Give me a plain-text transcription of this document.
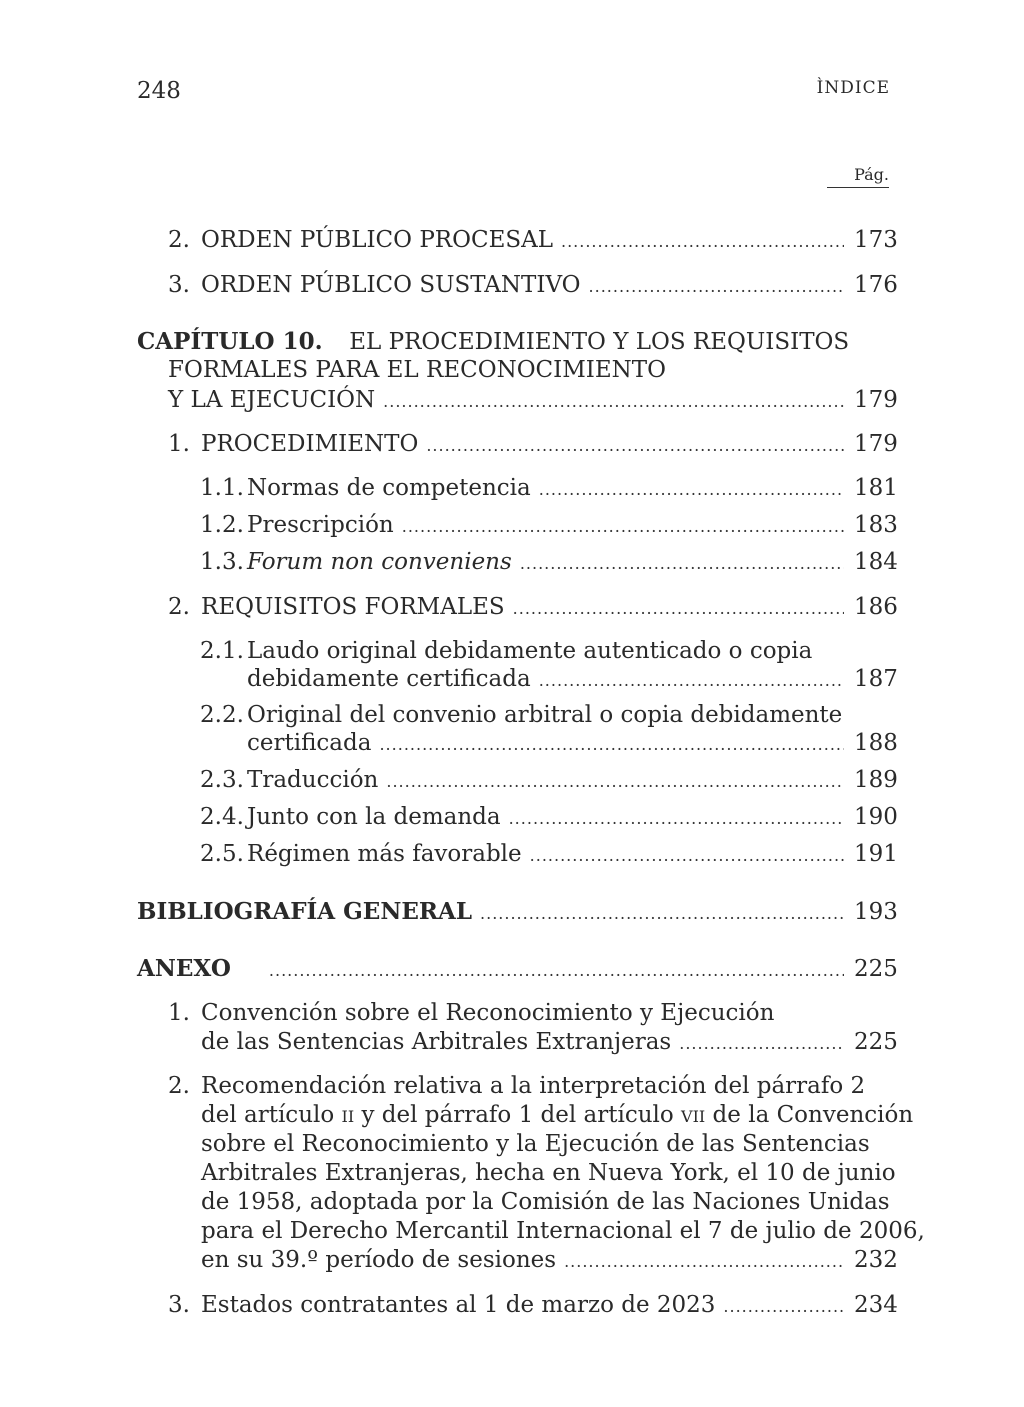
248	ÌNDICE
Pág.
2. ORDEN PÚBLICO PROCESAL .....	173
3. ORDEN PÚBLICO SUSTANTIVO .....	176
CAPÍTULO 10. EL PROCEDIMIENTO Y LOS REQUISITOS
FORMALES PARA EL RECONOCIMIENTO
Y LA EJECUCIÓN .....	179
1. PROCEDIMIENTO .....	179
1.1. Normas de competencia .....	181
1.2. Prescripción .....	183
1.3. Forum non conveniens .....	184
2. REQUISITOS FORMALES .....	186
2.1. Laudo original debidamente autenticado o copia
debidamente certificada .....	187
2.2. Original del convenio arbitral o copia debidamente
certificada .....	188
2.3. Traducción .....	189
2.4. Junto con la demanda .....	190
2.5. Régimen más favorable .....	191
BIBLIOGRAFÍA GENERAL .....	193
ANEXO .....	225
1. Convención sobre el Reconocimiento y Ejecución
de las Sentencias Arbitrales Extranjeras .....	225
2. Recomendación relativa a la interpretación del párrafo 2
del artículo II y del párrafo 1 del artículo VII de la Convención
sobre el Reconocimiento y la Ejecución de las Sentencias
Arbitrales Extranjeras, hecha en Nueva York, el 10 de junio
de 1958, adoptada por la Comisión de las Naciones Unidas
para el Derecho Mercantil Internacional el 7 de julio de 2006,
en su 39.º período de sesiones .....	232
3. Estados contratantes al 1 de marzo de 2023 .....	234
